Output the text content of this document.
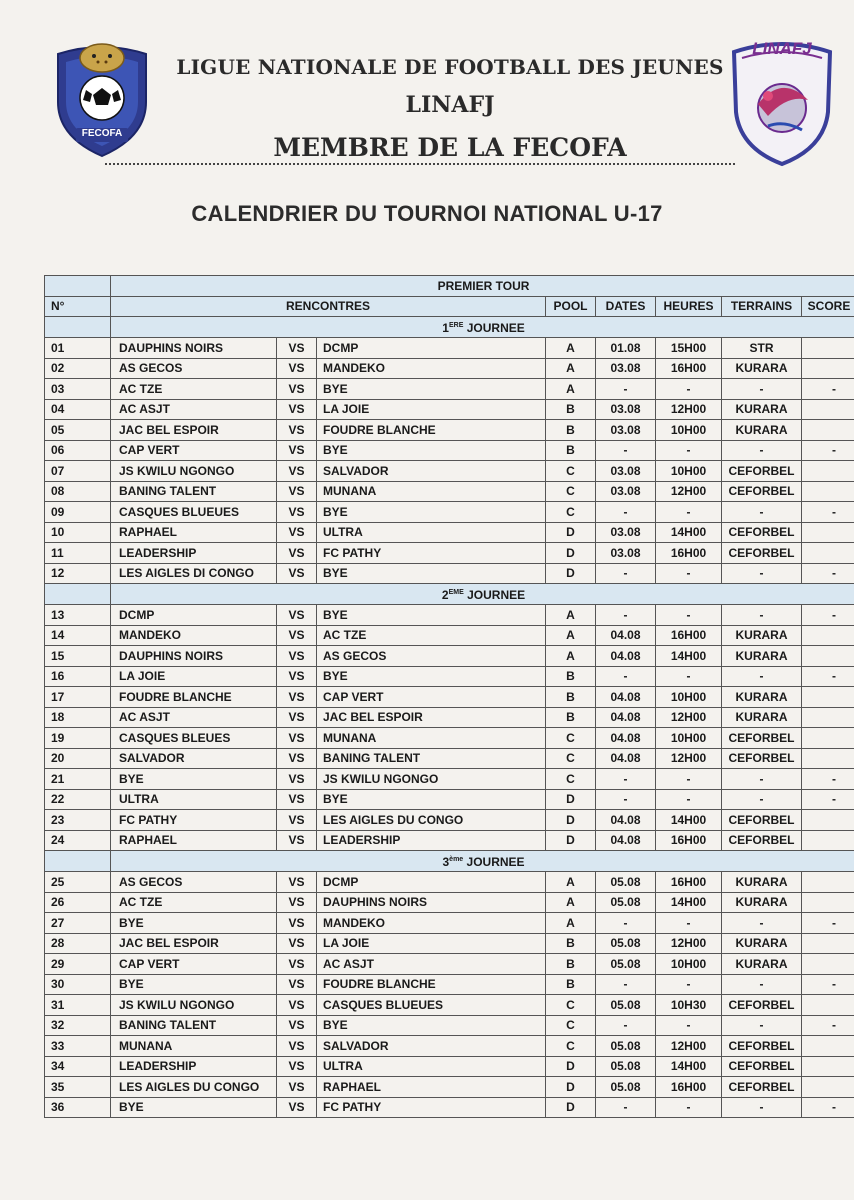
FECOFA
LINAFJ
LIGUE NATIONALE DE FOOTBALL DES JEUNES
LINAFJ
MEMBRE DE LA FECOFA
CALENDRIER DU TOURNOI NATIONAL U-17
	PREMIER TOUR							
N°	RENCONTRES			POOL	DATES	HEURES	TERRAINS	SCORE
	1ERE JOURNEE							
01	DAUPHINS NOIRS	VS	DCMP	A	01.08	15H00	STR	
02	AS GECOS	VS	MANDEKO	A	03.08	16H00	KURARA	
03	AC TZE	VS	BYE	A	-	-	-	-
04	AC ASJT	VS	LA JOIE	B	03.08	12H00	KURARA	
05	JAC BEL ESPOIR	VS	FOUDRE BLANCHE	B	03.08	10H00	KURARA	
06	CAP VERT	VS	BYE	B	-	-	-	-
07	JS KWILU NGONGO	VS	SALVADOR	C	03.08	10H00	CEFORBEL	
08	BANING TALENT	VS	MUNANA	C	03.08	12H00	CEFORBEL	
09	CASQUES BLUEUES	VS	BYE	C	-	-	-	-
10	RAPHAEL	VS	ULTRA	D	03.08	14H00	CEFORBEL	
11	LEADERSHIP	VS	FC PATHY	D	03.08	16H00	CEFORBEL	
12	LES AIGLES DI CONGO	VS	BYE	D	-	-	-	-
	2EME JOURNEE							
13	DCMP	VS	BYE	A	-	-	-	-
14	MANDEKO	VS	AC TZE	A	04.08	16H00	KURARA	
15	DAUPHINS NOIRS	VS	AS GECOS	A	04.08	14H00	KURARA	
16	LA JOIE	VS	BYE	B	-	-	-	-
17	FOUDRE BLANCHE	VS	CAP VERT	B	04.08	10H00	KURARA	
18	AC ASJT	VS	JAC BEL ESPOIR	B	04.08	12H00	KURARA	
19	CASQUES BLEUES	VS	MUNANA	C	04.08	10H00	CEFORBEL	
20	SALVADOR	VS	BANING TALENT	C	04.08	12H00	CEFORBEL	
21	BYE	VS	JS KWILU NGONGO	C	-	-	-	-
22	ULTRA	VS	BYE	D	-	-	-	-
23	FC PATHY	VS	LES AIGLES DU CONGO	D	04.08	14H00	CEFORBEL	
24	RAPHAEL	VS	LEADERSHIP	D	04.08	16H00	CEFORBEL	
	3ème JOURNEE							
25	AS GECOS	VS	DCMP	A	05.08	16H00	KURARA	
26	AC TZE	VS	DAUPHINS NOIRS	A	05.08	14H00	KURARA	
27	BYE	VS	MANDEKO	A	-	-	-	-
28	JAC BEL ESPOIR	VS	LA JOIE	B	05.08	12H00	KURARA	
29	CAP VERT	VS	AC ASJT	B	05.08	10H00	KURARA	
30	BYE	VS	FOUDRE BLANCHE	B	-	-	-	-
31	JS KWILU NGONGO	VS	CASQUES BLUEUES	C	05.08	10H30	CEFORBEL	
32	BANING TALENT	VS	BYE	C	-	-	-	-
33	MUNANA	VS	SALVADOR	C	05.08	12H00	CEFORBEL	
34	LEADERSHIP	VS	ULTRA	D	05.08	14H00	CEFORBEL	
35	LES AIGLES DU CONGO	VS	RAPHAEL	D	05.08	16H00	CEFORBEL	
36	BYE	VS	FC PATHY	D	-	-	-	-
